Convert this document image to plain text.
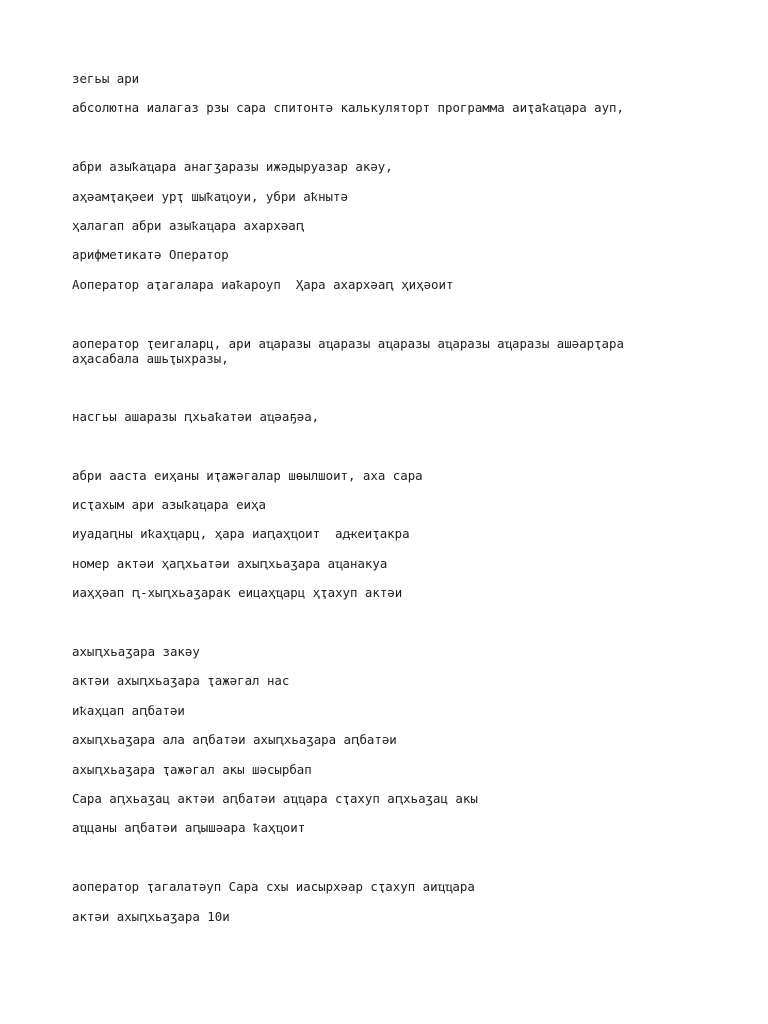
зегьы ари
абсолютна иалагаз рзы сара спитонтә калькуляторт программа аиҭаҟаҵара ауп,
абри азыҟаҵара анагӡаразы ижәдыруазар акәу,
аҳәамҭақәеи урҭ шыҟаҵоуи, убри аҟнытә
ҳалагап абри азыҟаҵара ахархәаԥ
арифметикатә Оператор
Аоператор аҭагалара иаҟароуп  Ҳара ахархәаԥ ҳиҳәоит
аоператор ҭеигаларц, ари аҵаразы аҵаразы аҵаразы аҵаразы аҵаразы ашәарҭара аҳасабала ашьҭыхразы,
насгьы ашаразы ԥхьаҟатәи аҵәаҕәа,
абри ааста еиҳаны иҭажәгалар шөылшоит, аха сара
исҭахым ари азыҟаҵара еиҳа
иуадаԥны иҟаҳҵарц, ҳара иаԥаҳҵоит  аԫеиҭакра
номер актәи ҳаԥхьатәи ахыԥхьаӡара аҵанакуа
иаҳҳәап ԥ-хыԥхьаӡарак еицаҳҵарц ҳҭахуп актәи
ахыԥхьаӡара закәу
актәи ахыԥхьаӡара ҭажәгал нас
иҟаҳцап аԥбатәи
ахыԥхьаӡара ала аԥбатәи ахыԥхьаӡара аԥбатәи
ахыԥхьаӡара ҭажәгал акы шәсырбап
Сара аԥхьаӡац актәи аԥбатәи аҵҵара сҭахуп аԥхьаӡац акы
аҵцаны аԥбатәи аԥышәара ҟаҳҵоит
аоператор ҭагалатәуп Сара схы иасырхәар сҭахуп аиҵҵара
актәи ахыԥхьаӡара 10и
